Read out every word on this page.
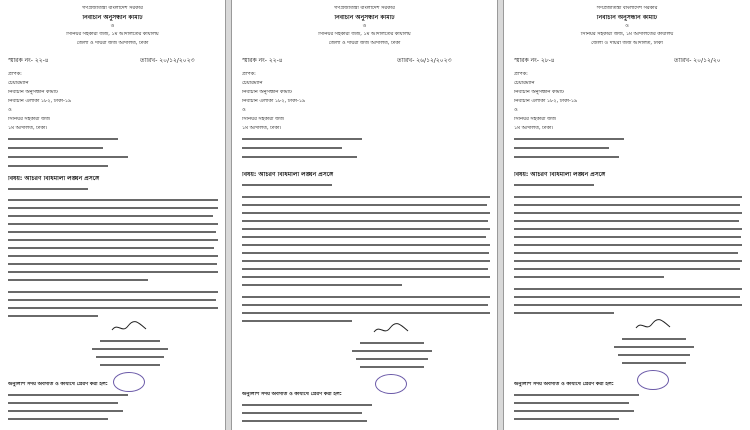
গণপ্রজাতন্ত্রী বাংলাদেশ সরকার
নির্বাচনি অনুসন্ধান কমিটি
ও
সিনিয়র সহকারী জজ, ১ম আদালতের কার্যালয়
জেলা ও দায়রা জজ আদালত, ঢাকা
স্মারক নং- ২২-৪	তারিখ- ২০/১২/২০২৩
প্রাপক:
চেয়ারম্যান
নির্বাচনি অনুসন্ধান কমিটি
নির্বাচনি এলাকা ১৮২, ঢাকা-১৯
ও
সিনিয়র সহকারী জজ
১ম আদালত, ঢাকা।
বিষয়: আচরণ বিধিমালা লঙ্ঘন প্রসঙ্গে
অনুলিপি সদয় অবগতি ও কার্যার্থে প্রেরণ করা হল:
গণপ্রজাতন্ত্রী বাংলাদেশ সরকার
নির্বাচনি অনুসন্ধান কমিটি
ও
সিনিয়র সহকারী জজ, ১ম আদালতের কার্যালয়
জেলা ও দায়রা জজ আদালত, ঢাকা
স্মারক নং- ২২-৪	তারিখ- ২৬/১২/২০২৩
প্রাপক:
চেয়ারম্যান
নির্বাচনি অনুসন্ধান কমিটি
নির্বাচনি এলাকা ১৮২, ঢাকা-১৯
ও
সিনিয়র সহকারী জজ
১ম আদালত, ঢাকা।
বিষয়: আচরণ বিধিমালা লঙ্ঘন প্রসঙ্গে
অনুলিপি সদয় অবগতি ও কার্যার্থে প্রেরণ করা হল:
গণপ্রজাতন্ত্রী বাংলাদেশ সরকার
নির্বাচনি অনুসন্ধান কমিটি
ও
সিনিয়র সহকারী জজ, ১ম আদালতের কার্যালয়
জেলা ও দায়রা জজ আদালত, ঢাকা
স্মারক নং- ২৮-৪	তারিখ- ২০/১২/২০
প্রাপক:
চেয়ারম্যান
নির্বাচনি অনুসন্ধান কমিটি
নির্বাচনি এলাকা ১৮২, ঢাকা-১৯
ও
সিনিয়র সহকারী জজ
১ম আদালত, ঢাকা।
বিষয়: আচরণ বিধিমালা লঙ্ঘন প্রসঙ্গে
অনুলিপি সদয় অবগতি ও কার্যার্থে প্রেরণ করা হল:
